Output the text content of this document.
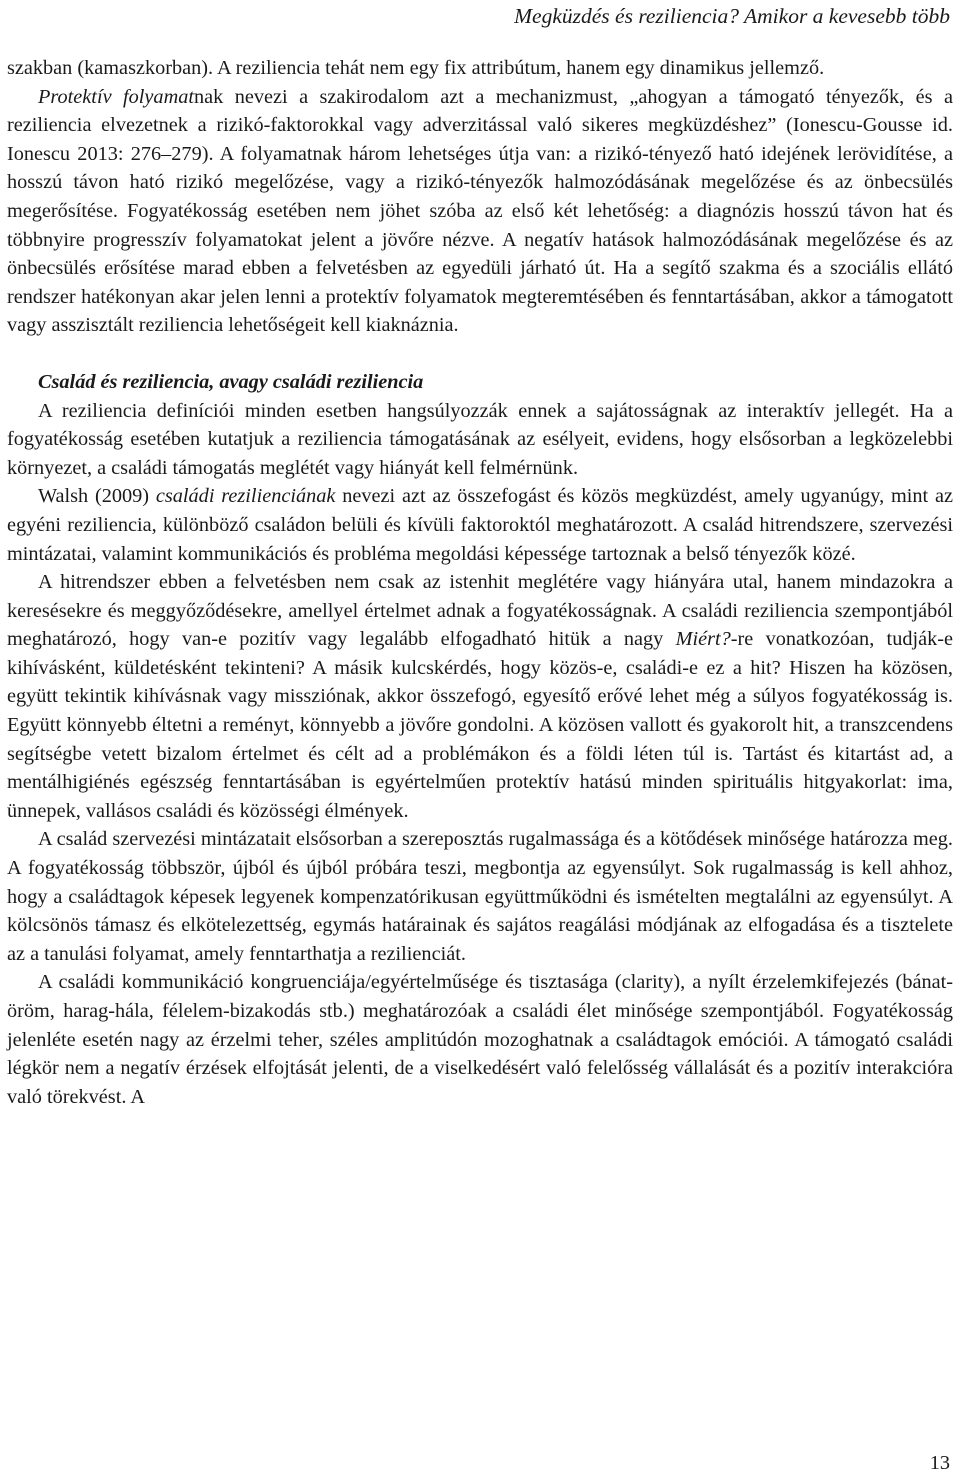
Megküzdés és reziliencia? Amikor a kevesebb több

szakban (kamaszkorban). A reziliencia tehát nem egy fix attribútum, hanem egy dinamikus jellemző.

Protektív folyamatnak nevezi a szakirodalom azt a mechanizmust, „ahogyan a támogató tényezők, és a reziliencia elvezetnek a rizikó-faktorokkal vagy adverzitással való sikeres megküzdéshez” (Ionescu-Gousse id. Ionescu 2013: 276–279). A folyamatnak három lehetséges útja van: a rizikó-tényező ható idejének lerövidítése, a hosszú távon ható rizikó megelőzése, vagy a rizikó-tényezők halmozódásának megelőzése és az önbecsülés megerősítése. Fogyatékosság esetében nem jöhet szóba az első két lehetőség: a diagnózis hosszú távon hat és többnyire progresszív folyamatokat jelent a jövőre nézve. A negatív hatások halmozódásának megelőzése és az önbecsülés erősítése marad ebben a felvetésben az egyedüli járható út. Ha a segítő szakma és a szociális ellátó rendszer hatékonyan akar jelen lenni a protektív folyamatok megteremtésében és fenntartásában, akkor a támogatott vagy asszisztált reziliencia lehetőségeit kell kiaknáznia.

Család és reziliencia, avagy családi reziliencia

A reziliencia definíciói minden esetben hangsúlyozzák ennek a sajátosságnak az interaktív jellegét. Ha a fogyatékosság esetében kutatjuk a reziliencia támogatásának az esélyeit, evidens, hogy elsősorban a legközelebbi környezet, a családi támogatás meglétét vagy hiányát kell felmérnünk.

Walsh (2009) családi rezilienciának nevezi azt az összefogást és közös megküzdést, amely ugyanúgy, mint az egyéni reziliencia, különböző családon belüli és kívüli faktoroktól meghatározott. A család hitrendszere, szervezési mintázatai, valamint kommunikációs és probléma megoldási képessége tartoznak a belső tényezők közé.

A hitrendszer ebben a felvetésben nem csak az istenhit meglétére vagy hiányára utal, hanem mindazokra a keresésekre és meggyőződésekre, amellyel értelmet adnak a fogyatékosságnak. A családi reziliencia szempontjából meghatározó, hogy van-e pozitív vagy legalább elfogadható hitük a nagy Miért?-re vonatkozóan, tudják-e kihívásként, küldetésként tekinteni? A másik kulcskérdés, hogy közös-e, családi-e ez a hit? Hiszen ha közösen, együtt tekintik kihívásnak vagy missziónak, akkor összefogó, egyesítő erővé lehet még a súlyos fogyatékosság is. Együtt könnyebb éltetni a reményt, könnyebb a jövőre gondolni. A közösen vallott és gyakorolt hit, a transzcendens segítségbe vetett bizalom értelmet és célt ad a problémákon és a földi léten túl is. Tartást és kitartást ad, a mentálhigiénés egészség fenntartásában is egyértelműen protektív hatású minden spirituális hitgyakorlat: ima, ünnepek, vallásos családi és közösségi élmények.

A család szervezési mintázatait elsősorban a szereposztás rugalmassága és a kötődések minősége határozza meg. A fogyatékosság többször, újból és újból próbára teszi, megbontja az egyensúlyt. Sok rugalmasság is kell ahhoz, hogy a családtagok képesek legyenek kompenzatórikusan együttműködni és ismételten megtalálni az egyensúlyt. A kölcsönös támasz és elkötelezettség, egymás határainak és sajátos reagálási módjának az elfogadása és a tisztelete az a tanulási folyamat, amely fenntarthatja a rezilienciát.

A családi kommunikáció kongruenciája/egyértelműsége és tisztasága (clarity), a nyílt érzelemkifejezés (bánat-öröm, harag-hála, félelem-bizakodás stb.) meghatározóak a családi élet minősége szempontjából. Fogyatékosság jelenléte esetén nagy az érzelmi teher, széles amplitúdón mozoghatnak a családtagok emóciói. A támogató családi légkör nem a negatív érzések elfojtását jelenti, de a viselkedésért való felelősség vállalását és a pozitív interakcióra való törekvést. A

13
